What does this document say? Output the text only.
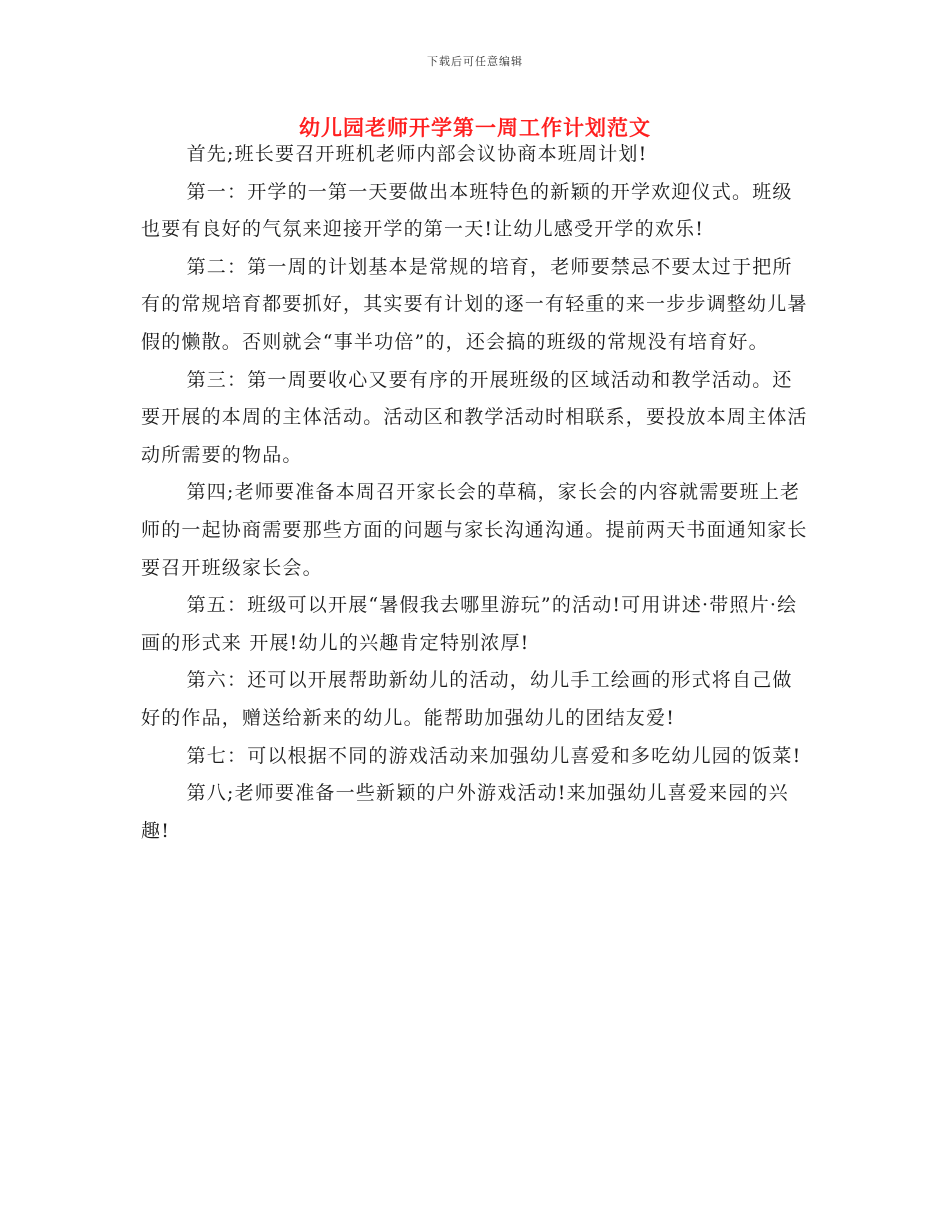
下载后可任意编辑
幼儿园老师开学第一周工作计划范文

首先;班长要召开班机老师内部会议协商本班周计划!

第一：开学的一第一天要做出本班特色的新颖的开学欢迎仪式。班级也要有良好的气氛来迎接开学的第一天!让幼儿感受开学的欢乐!

第二：第一周的计划基本是常规的培育，老师要禁忌不要太过于把所有的常规培育都要抓好，其实要有计划的逐一有轻重的来一步步调整幼儿暑假的懒散。否则就会“事半功倍”的，还会搞的班级的常规没有培育好。

第三：第一周要收心又要有序的开展班级的区域活动和教学活动。还要开展的本周的主体活动。活动区和教学活动时相联系，要投放本周主体活动所需要的物品。

第四;老师要准备本周召开家长会的草稿，家长会的内容就需要班上老师的一起协商需要那些方面的问题与家长沟通沟通。提前两天书面通知家长要召开班级家长会。

第五：班级可以开展“暑假我去哪里游玩”的活动!可用讲述·带照片·绘画的形式来 开展!幼儿的兴趣肯定特别浓厚!

第六：还可以开展帮助新幼儿的活动，幼儿手工绘画的形式将自己做好的作品，赠送给新来的幼儿。能帮助加强幼儿的团结友爱!

第七：可以根据不同的游戏活动来加强幼儿喜爱和多吃幼儿园的饭菜!

第八;老师要准备一些新颖的户外游戏活动!来加强幼儿喜爱来园的兴趣!
